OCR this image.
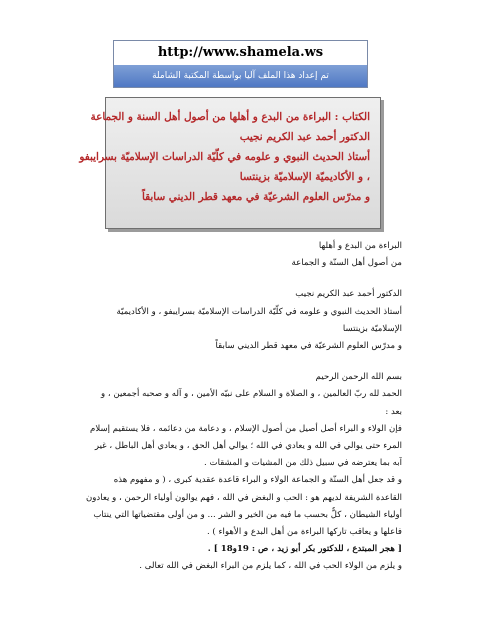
http://www.shamela.ws
تم إعداد هذا الملف آليا بواسطة المكتبة الشاملة
الكتاب : البراءة من البدع و أهلها من أصول أهل السنة و الجماعة
الدكتور أحمد عبد الكريم نجيب
أستاذ الحديث النبوي و علومه في كلّيّة الدراسات الإسلاميّة بسرايبفو
، و الأكاديميّة الإسلاميّة بزينتسا
و مدرّس العلوم الشرعيّة في معهد قطر الديني سابقاً
البراءة من البدع و أهلها
من أصول أهل السنّة و الجماعة
الدكتور أحمد عبد الكريم نجيب
أستاذ الحديث النبوي و علومه في كلّيّة الدراسات الإسلاميّة بسرايبفو ، و الأكاديميّة
الإسلاميّة بزينتسا
و مدرّس العلوم الشرعيّة في معهد قطر الديني سابقاً
بسم الله الرحمن الرحيم
الحمد لله ربّ العالمين ، و الصلاة و السلام على نبيّه الأمين ، و آله و صحبه أجمعين ، و
بعد :
فإن الولاء و البراء أصل أصيل من أصول الإسلام ، و دعامة من دعائمه ، فلا يستقيم إسلام
المرء حتى يوالي في الله و يعادي في الله ؛ يوالي أهل الحق ، و يعادي أهل الباطل ، غير
آبه بما يعترضه في سبيل ذلك من المشيات و المشقات .
و قد جعل أهل السنّة و الجماعة الولاء و البراء قاعدة عقدية كبرى ، ( و مفهوم هذه
القاعدة الشريفة لديهم هو : الحب و البغض في الله ، فهم يوالون أولياء الرحمن ، و يعادون
أولياء الشيطان ، كلٌّ بحسب ما فيه من الخير و الشر ... و من أولى مقتضياتها التي ينتاب
فاعلها و يعاقب تاركها البراءة من أهل البدع و الأهواء ) .
[ هجر المبتدع ، للدكتور بكر أبو زيد ، ص : 19و18 ] .
و يلزم من الولاء الحب في الله ، كما يلزم من البراء البغض في الله تعالى .
